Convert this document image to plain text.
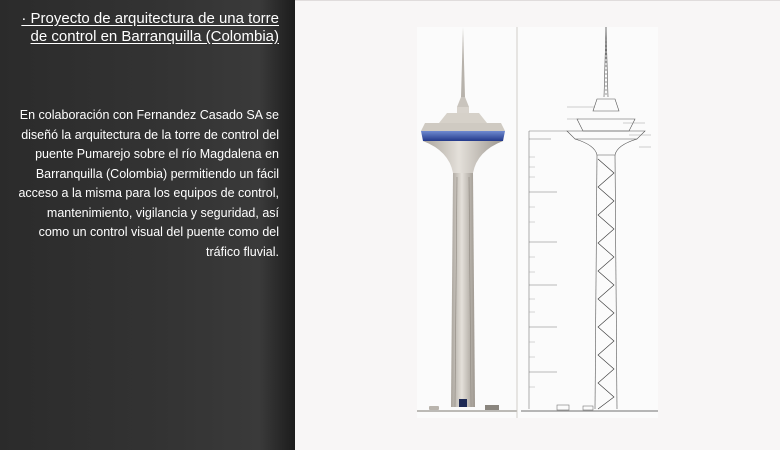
· Proyecto de arquitectura de una torre de control en Barranquilla (Colombia)
En colaboración con Fernandez Casado SA se diseñó la arquitectura de la torre de control del puente Pumarejo sobre el río Magdalena en Barranquilla (Colombia) permitiendo un fácil acceso a la misma para los equipos de control, mantenimiento, vigilancia y seguridad, así como un control visual del puente como del tráfico fluvial.
